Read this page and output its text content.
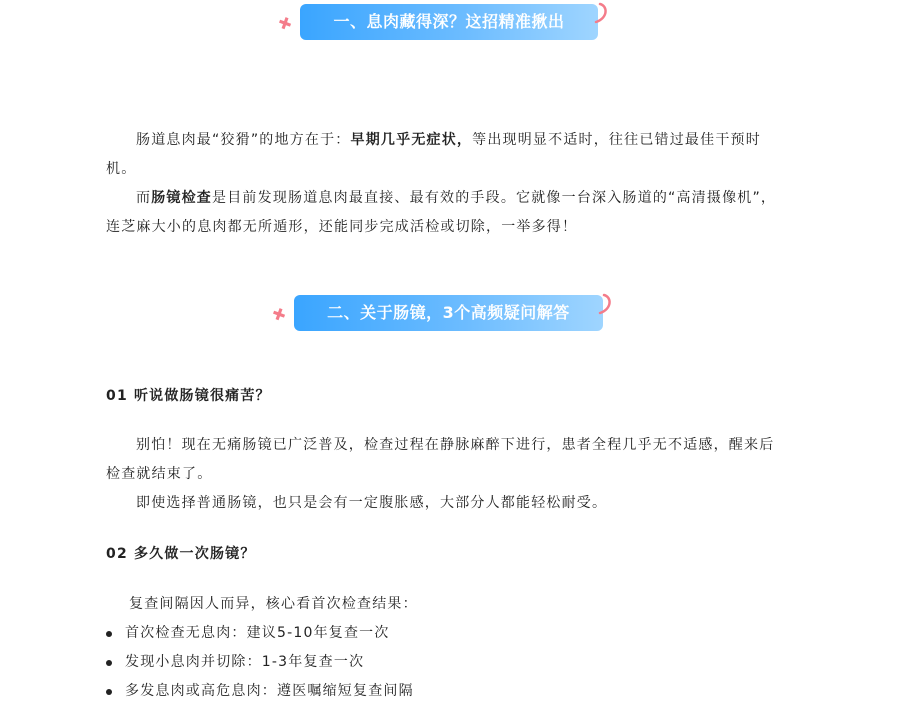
✚	一、息肉藏得深？这招精准揪出

肠道息肉最“狡猾”的地方在于：早期几乎无症状，等出现明显不适时，往往已错过最佳干预时机。

而肠镜检查是目前发现肠道息肉最直接、最有效的手段。它就像一台深入肠道的“高清摄像机”，连芝麻大小的息肉都无所遁形，还能同步完成活检或切除，一举多得！

✚	二、关于肠镜，3个高频疑问解答

01 听说做肠镜很痛苦？

别怕！现在无痛肠镜已广泛普及，检查过程在静脉麻醉下进行，患者全程几乎无不适感，醒来后检查就结束了。

即使选择普通肠镜，也只是会有一定腹胀感，大部分人都能轻松耐受。

02 多久做一次肠镜？

复查间隔因人而异，核心看首次检查结果：

首次检查无息肉：建议5-10年复查一次
发现小息肉并切除：1-3年复查一次
多发息肉或高危息肉：遵医嘱缩短复查间隔
